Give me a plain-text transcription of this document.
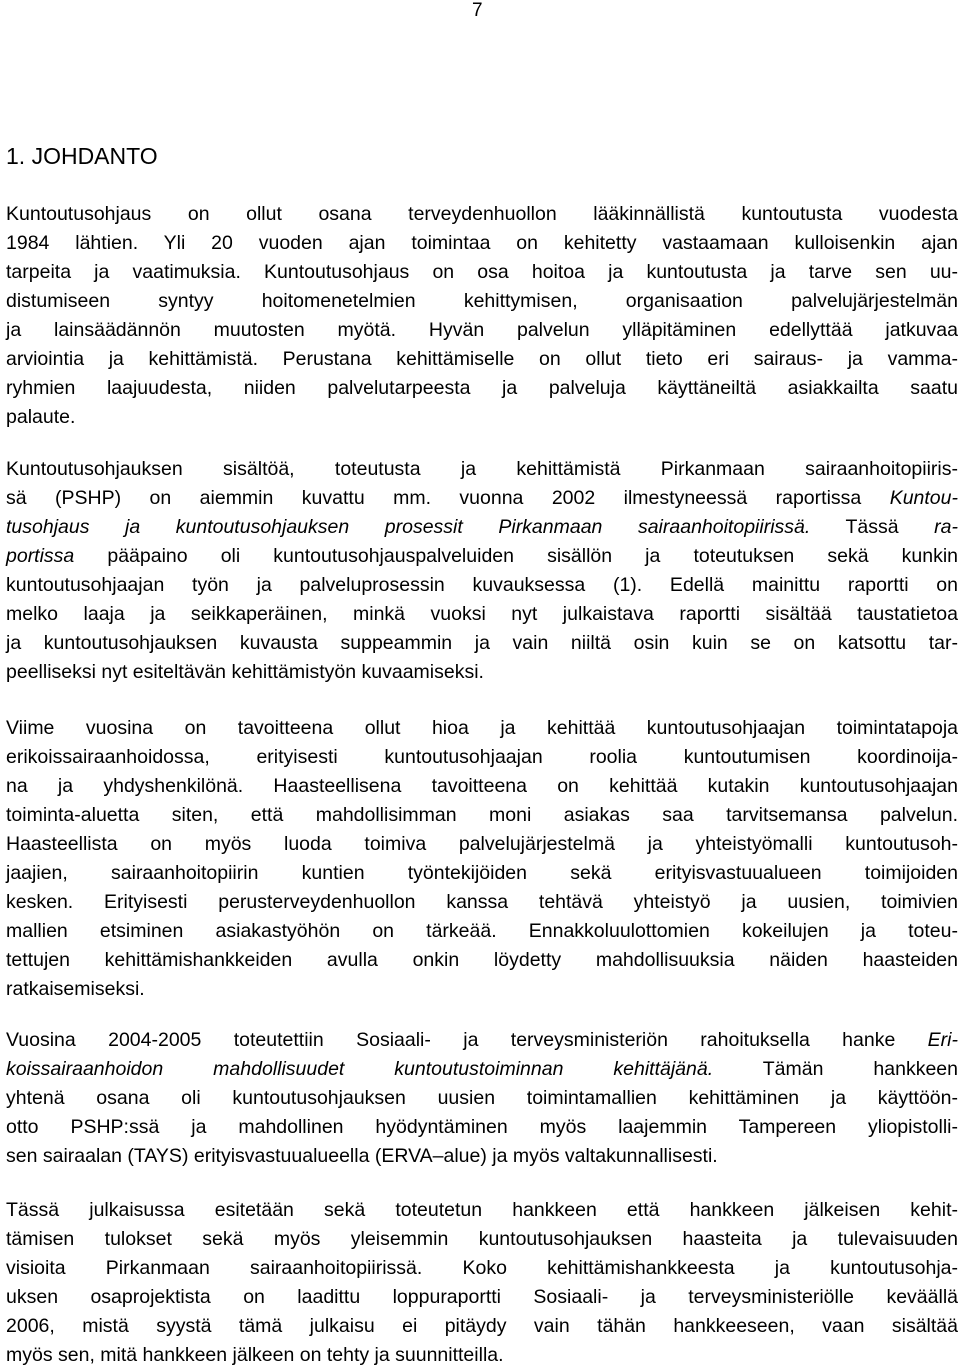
7
1. JOHDANTO
Kuntoutusohjaus on ollut osana terveydenhuollon lääkinnällistä kuntoutusta vuodesta
1984 lähtien. Yli 20 vuoden ajan toimintaa on kehitetty vastaamaan kulloisenkin ajan
tarpeita ja vaatimuksia. Kuntoutusohjaus on osa hoitoa ja kuntoutusta ja tarve sen uu-
distumiseen syntyy hoitomenetelmien kehittymisen, organisaation palvelujärjestelmän
ja lainsäädännön muutosten myötä. Hyvän palvelun ylläpitäminen edellyttää jatkuvaa
arviointia ja kehittämistä. Perustana kehittämiselle on ollut tieto eri sairaus- ja vamma-
ryhmien laajuudesta, niiden palvelutarpeesta ja palveluja käyttäneiltä asiakkailta saatu
palaute.
Kuntoutusohjauksen sisältöä, toteutusta ja kehittämistä Pirkanmaan sairaanhoitopiiris-
sä (PSHP) on aiemmin kuvattu mm. vuonna 2002 ilmestyneessä raportissa Kuntou-
tusohjaus ja kuntoutusohjauksen prosessit Pirkanmaan sairaanhoitopiirissä. Tässä ra-
portissa pääpaino oli kuntoutusohjauspalveluiden sisällön ja toteutuksen sekä kunkin
kuntoutusohjaajan työn ja palveluprosessin kuvauksessa (1). Edellä mainittu raportti on
melko laaja ja seikkaperäinen, minkä vuoksi nyt julkaistava raportti sisältää taustatietoa
ja kuntoutusohjauksen kuvausta suppeammin ja vain niiltä osin kuin se on katsottu tar-
peelliseksi nyt esiteltävän kehittämistyön kuvaamiseksi.
Viime vuosina on tavoitteena ollut hioa ja kehittää kuntoutusohjaajan toimintatapoja
erikoissairaanhoidossa, erityisesti kuntoutusohjaajan roolia kuntoutumisen koordinoija-
na ja yhdyshenkilönä. Haasteellisena tavoitteena on kehittää kutakin kuntoutusohjaajan
toiminta-aluetta siten, että mahdollisimman moni asiakas saa tarvitsemansa palvelun.
Haasteellista on myös luoda toimiva palvelujärjestelmä ja yhteistyömalli kuntoutusoh-
jaajien, sairaanhoitopiirin kuntien työntekijöiden sekä erityisvastuualueen toimijoiden
kesken. Erityisesti perusterveydenhuollon kanssa tehtävä yhteistyö ja uusien, toimivien
mallien etsiminen asiakastyöhön on tärkeää. Ennakkoluulottomien kokeilujen ja toteu-
tettujen kehittämishankkeiden avulla onkin löydetty mahdollisuuksia näiden haasteiden
ratkaisemiseksi.
Vuosina 2004-2005 toteutettiin Sosiaali- ja terveysministeriön rahoituksella hanke Eri-
koissairaanhoidon mahdollisuudet kuntoutustoiminnan kehittäjänä. Tämän hankkeen
yhtenä osana oli kuntoutusohjauksen uusien toimintamallien kehittäminen ja käyttöön-
otto PSHP:ssä ja mahdollinen hyödyntäminen myös laajemmin Tampereen yliopistolli-
sen sairaalan (TAYS) erityisvastuualueella (ERVA–alue) ja myös valtakunnallisesti.
Tässä julkaisussa esitetään sekä toteutetun hankkeen että hankkeen jälkeisen kehit-
tämisen tulokset sekä myös yleisemmin kuntoutusohjauksen haasteita ja tulevaisuuden
visioita Pirkanmaan sairaanhoitopiirissä. Koko kehittämishankkeesta ja kuntoutusohja-
uksen osaprojektista on laadittu loppuraportti Sosiaali- ja terveysministeriölle keväällä
2006, mistä syystä tämä julkaisu ei pitäydy vain tähän hankkeeseen, vaan sisältää
myös sen, mitä hankkeen jälkeen on tehty ja suunnitteilla.
